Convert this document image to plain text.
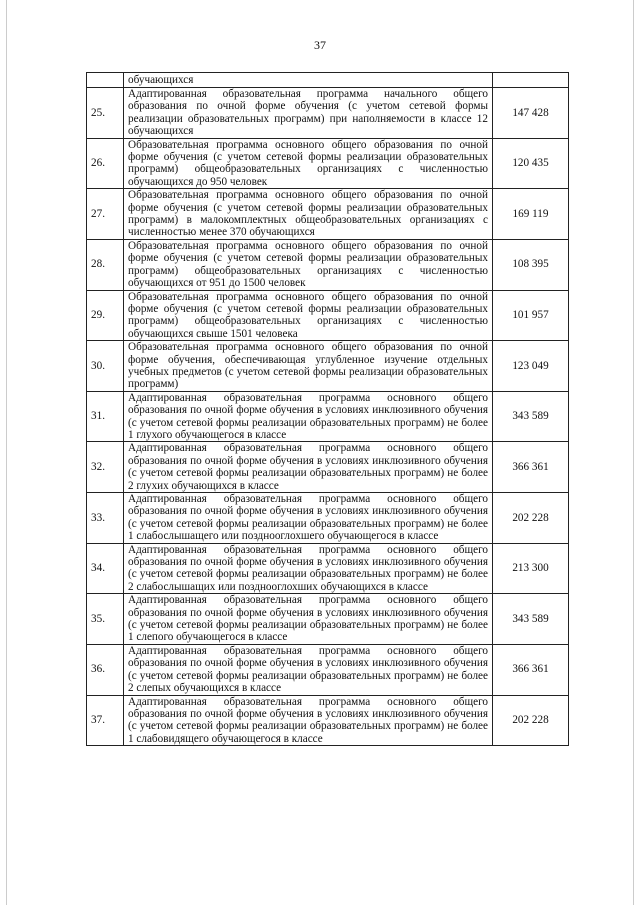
37
	обучающихся	
25.	Адаптированная образовательная программа начального общего образования по очной форме обучения (с учетом сетевой формы реализации образовательных программ) при наполняемости в классе 12 обучающихся	147 428
26.	Образовательная программа основного общего образования по очной форме обучения (с учетом сетевой формы реализации образовательных программ) общеобразовательных организациях с численностью обучающихся до 950 человек	120 435
27.	Образовательная программа основного общего образования по очной форме обучения (с учетом сетевой формы реализации образовательных программ) в малокомплектных общеобразовательных организациях с численностью менее 370 обучающихся	169 119
28.	Образовательная программа основного общего образования по очной форме обучения (с учетом сетевой формы реализации образовательных программ) общеобразовательных организациях с численностью обучающихся от 951 до 1500 человек	108 395
29.	Образовательная программа основного общего образования по очной форме обучения (с учетом сетевой формы реализации образовательных программ) общеобразовательных организациях с численностью обучающихся свыше 1501 человека	101 957
30.	Образовательная программа основного общего образования по очной форме обучения, обеспечивающая углубленное изучение отдельных учебных предметов (с учетом сетевой формы реализации образовательных программ)	123 049
31.	Адаптированная образовательная программа основного общего образования по очной форме обучения в условиях инклюзивного обучения (с учетом сетевой формы реализации образовательных программ) не более 1 глухого обучающегося в классе	343 589
32.	Адаптированная образовательная программа основного общего образования по очной форме обучения в условиях инклюзивного обучения (с учетом сетевой формы реализации образовательных программ) не более 2 глухих обучающихся в классе	366 361
33.	Адаптированная образовательная программа основного общего образования по очной форме обучения в условиях инклюзивного обучения (с учетом сетевой формы реализации образовательных программ) не более 1 слабослышащего или позднооглохшего обучающегося в классе	202 228
34.	Адаптированная образовательная программа основного общего образования по очной форме обучения в условиях инклюзивного обучения (с учетом сетевой формы реализации образовательных программ) не более 2 слабослышащих или позднооглохших обучающихся в классе	213 300
35.	Адаптированная образовательная программа основного общего образования по очной форме обучения в условиях инклюзивного обучения (с учетом сетевой формы реализации образовательных программ) не более 1 слепого обучающегося в классе	343 589
36.	Адаптированная образовательная программа основного общего образования по очной форме обучения в условиях инклюзивного обучения (с учетом сетевой формы реализации образовательных программ) не более 2 слепых обучающихся в классе	366 361
37.	Адаптированная образовательная программа основного общего образования по очной форме обучения в условиях инклюзивного обучения (с учетом сетевой формы реализации образовательных программ) не более 1 слабовидящего обучающегося в классе	202 228
